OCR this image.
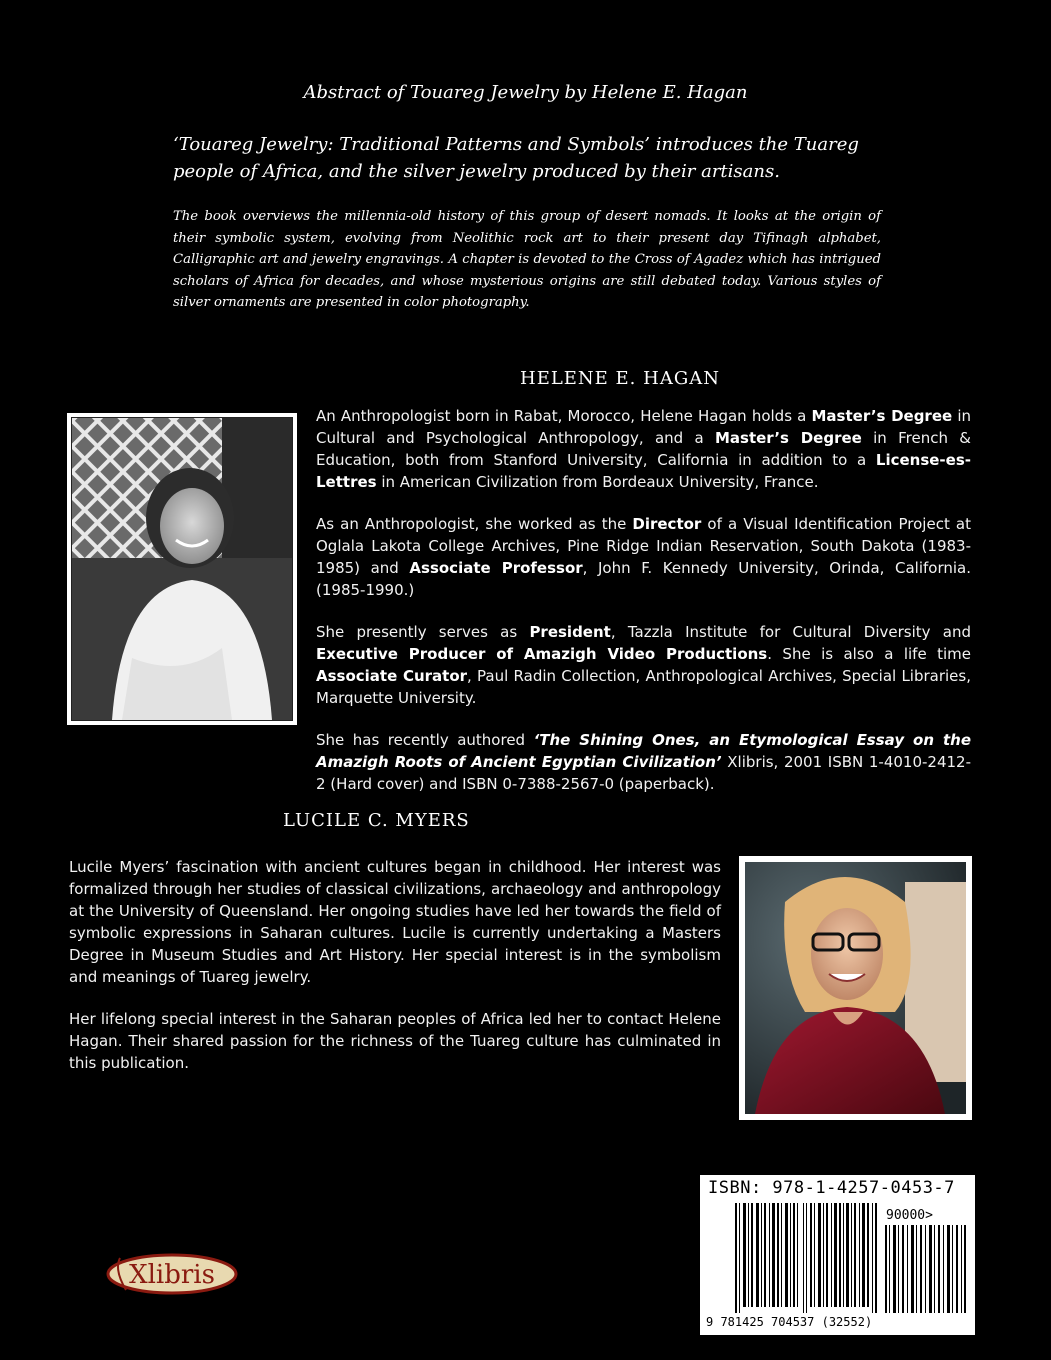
Abstract of Touareg Jewelry by Helene E. Hagan
‘Touareg Jewelry: Traditional Patterns and Symbols’ introduces the Tuareg people of Africa, and the silver jewelry produced by their artisans.
The book overviews the millennia-old history of this group of desert nomads. It looks at the origin of their symbolic system, evolving from Neolithic rock art to their present day Tifinagh alphabet, Calligraphic art and jewelry engravings. A chapter is devoted to the Cross of Agadez which has intrigued scholars of Africa for decades, and whose mysterious origins are still debated today. Various styles of silver ornaments are presented in color photography.
HELENE E. HAGAN

An Anthropologist born in Rabat, Morocco, Helene Hagan holds a Master’s Degree in Cultural and Psychological Anthropology, and a Master’s Degree in French & Education, both from Stanford University, California in addition to a License-es-Lettres in American Civilization from Bordeaux University, France.

As an Anthropologist, she worked as the Director of a Visual Identification Project at Oglala Lakota College Archives, Pine Ridge Indian Reservation, South Dakota (1983-1985) and Associate Professor, John F. Kennedy University, Orinda, California. (1985-1990.)

She presently serves as President, Tazzla Institute for Cultural Diversity and Executive Producer of Amazigh Video Productions. She is also a life time Associate Curator, Paul Radin Collection, Anthropological Archives, Special Libraries, Marquette University.

She has recently authored ‘The Shining Ones, an Etymological Essay on the Amazigh Roots of Ancient Egyptian Civilization’ Xlibris, 2001 ISBN 1-4010-2412-2 (Hard cover) and ISBN 0-7388-2567-0 (paperback).

LUCILE C. MYERS

Lucile Myers’ fascination with ancient cultures began in childhood. Her interest was formalized through her studies of classical civilizations, archaeology and anthropology at the University of Queensland. Her ongoing studies have led her towards the field of symbolic expressions in Saharan cultures. Lucile is currently undertaking a Masters Degree in Museum Studies and Art History. Her special interest is in the symbolism and meanings of Tuareg jewelry.

Her lifelong special interest in the Saharan peoples of Africa led her to contact Helene Hagan. Their shared passion for the richness of the Tuareg culture has culminated in this publication.

ISBN: 978-1-4257-0453-7
90000>
9 781425 704537 (32552)
Xlibris
